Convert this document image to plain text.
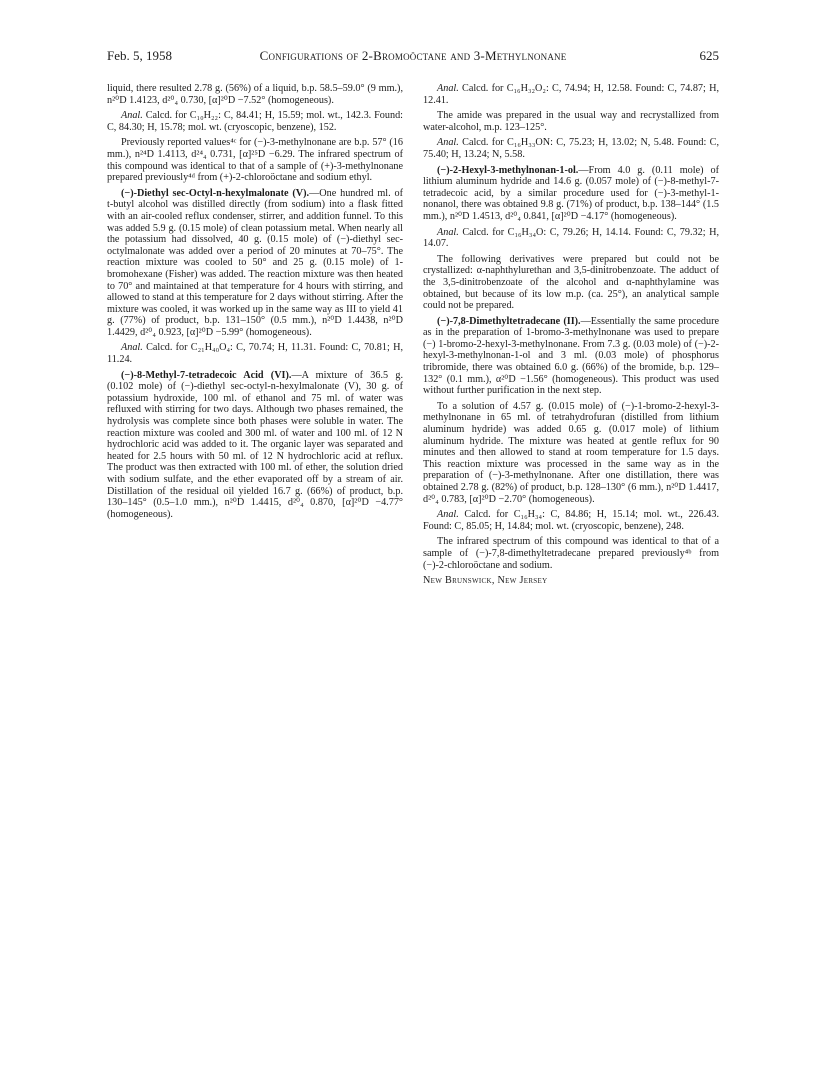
Feb. 5, 1958	Configurations of 2-Bromoöctane and 3-Methylnonane	625

liquid, there resulted 2.78 g. (56%) of a liquid, b.p. 58.5–59.0° (9 mm.), n²⁰D 1.4123, d²⁰₄ 0.730, [α]²⁰D −7.52° (homogeneous).

Anal. Calcd. for C₁₀H₂₂: C, 84.41; H, 15.59; mol. wt., 142.3. Found: C, 84.30; H, 15.78; mol. wt. (cryoscopic, benzene), 152.

Previously reported values⁴ᶜ for (−)-3-methylnonane are b.p. 57° (16 mm.), n²⁴D 1.4113, d²⁴₄ 0.731, [α]²⁵D −6.29. The infrared spectrum of this compound was identical to that of a sample of (+)-3-methylnonane prepared previously⁴ᵈ from (+)-2-chloroöctane and sodium ethyl.

(−)-Diethyl sec-Octyl-n-hexylmalonate (V).—One hundred ml. of t-butyl alcohol was distilled directly (from sodium) into a flask fitted with an air-cooled reflux condenser, stirrer, and addition funnel. To this was added 5.9 g. (0.15 mole) of clean potassium metal. When nearly all the potassium had dissolved, 40 g. (0.15 mole) of (−)-diethyl sec-octylmalonate was added over a period of 20 minutes at 70–75°. The reaction mixture was cooled to 50° and 25 g. (0.15 mole) of 1-bromohexane (Fisher) was added. The reaction mixture was then heated to 70° and maintained at that temperature for 4 hours with stirring, and allowed to stand at this temperature for 2 days without stirring. After the mixture was cooled, it was worked up in the same way as III to yield 41 g. (77%) of product, b.p. 131–150° (0.5 mm.), n²⁰D 1.4438, n²⁰D 1.4429, d²⁰₄ 0.923, [α]²⁰D −5.99° (homogeneous).

Anal. Calcd. for C₂₁H₄₀O₄: C, 70.74; H, 11.31. Found: C, 70.81; H, 11.24.

(−)-8-Methyl-7-tetradecoic Acid (VI).—A mixture of 36.5 g. (0.102 mole) of (−)-diethyl sec-octyl-n-hexylmalonate (V), 30 g. of potassium hydroxide, 100 ml. of ethanol and 75 ml. of water was refluxed with stirring for two days. Although two phases remained, the hydrolysis was complete since both phases were soluble in water. The reaction mixture was cooled and 300 ml. of water and 100 ml. of 12 N hydrochloric acid was added to it. The organic layer was separated and heated for 2.5 hours with 50 ml. of 12 N hydrochloric acid at reflux. The product was then extracted with 100 ml. of ether, the solution dried with sodium sulfate, and the ether evaporated off by a stream of air. Distillation of the residual oil yielded 16.7 g. (66%) of product, b.p. 130–145° (0.5–1.0 mm.), n²⁰D 1.4415, d²⁰₄ 0.870, [α]²⁰D −4.77° (homogeneous).

Anal. Calcd. for C₁₆H₃₂O₂: C, 74.94; H, 12.58. Found: C, 74.87; H, 12.41.

The amide was prepared in the usual way and recrystallized from water-alcohol, m.p. 123–125°.

Anal. Calcd. for C₁₆H₃₃ON: C, 75.23; H, 13.02; N, 5.48. Found: C, 75.40; H, 13.24; N, 5.58.

(−)-2-Hexyl-3-methylnonan-1-ol.—From 4.0 g. (0.11 mole) of lithium aluminum hydride and 14.6 g. (0.057 mole) of (−)-8-methyl-7-tetradecoic acid, by a similar procedure used for (−)-3-methyl-1-nonanol, there was obtained 9.8 g. (71%) of product, b.p. 138–144° (1.5 mm.), n²⁰D 1.4513, d²⁰₄ 0.841, [α]²⁰D −4.17° (homogeneous).

Anal. Calcd. for C₁₆H₃₄O: C, 79.26; H, 14.14. Found: C, 79.32; H, 14.07.

The following derivatives were prepared but could not be crystallized: α-naphthylurethan and 3,5-dinitrobenzoate. The adduct of the 3,5-dinitrobenzoate of the alcohol and α-naphthylamine was obtained, but because of its low m.p. (ca. 25°), an analytical sample could not be prepared.

(−)-7,8-Dimethyltetradecane (II).—Essentially the same procedure as in the preparation of 1-bromo-3-methylnonane was used to prepare (−) 1-bromo-2-hexyl-3-methylnonane. From 7.3 g. (0.03 mole) of (−)-2-hexyl-3-methylnonan-1-ol and 3 ml. (0.03 mole) of phosphorus tribromide, there was obtained 6.0 g. (66%) of the bromide, b.p. 129–132° (0.1 mm.), α²⁰D −1.56° (homogeneous). This product was used without further purification in the next step.

To a solution of 4.57 g. (0.015 mole) of (−)-1-bromo-2-hexyl-3-methylnonane in 65 ml. of tetrahydrofuran (distilled from lithium aluminum hydride) was added 0.65 g. (0.017 mole) of lithium aluminum hydride. The mixture was heated at gentle reflux for 90 minutes and then allowed to stand at room temperature for 1.5 days. This reaction mixture was processed in the same way as in the preparation of (−)-3-methylnonane. After one distillation, there was obtained 2.78 g. (82%) of product, b.p. 128–130° (6 mm.), n²⁰D 1.4417, d²⁰₄ 0.783, [α]²⁰D −2.70° (homogeneous).

Anal. Calcd. for C₁₆H₃₄: C, 84.86; H, 15.14; mol. wt., 226.43. Found: C, 85.05; H, 14.84; mol. wt. (cryoscopic, benzene), 248.

The infrared spectrum of this compound was identical to that of a sample of (−)-7,8-dimethyltetradecane prepared previously⁴ᵇ from (−)-2-chloroöctane and sodium.

New Brunswick, New Jersey
